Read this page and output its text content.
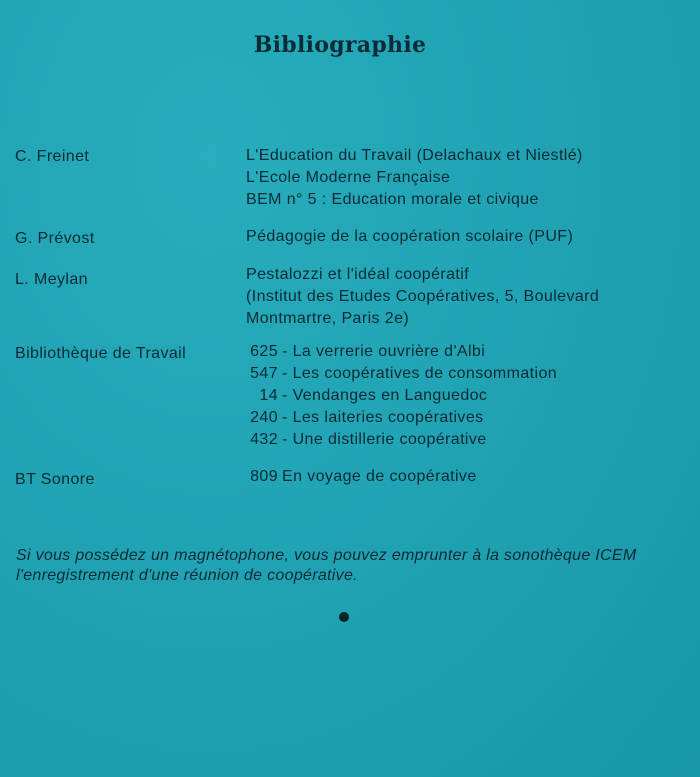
Bibliographie
C. Freinet	L'Education du Travail (Delachaux et Niestlé)
L'Ecole Moderne Française
BEM n° 5 : Education morale et civique
G. Prévost	Pédagogie de la coopération scolaire (PUF)
L. Meylan	Pestalozzi et l'idéal coopératif
(Institut des Etudes Coopératives, 5, Boulevard
Montmartre, Paris 2e)
Bibliothèque de Travail	625 - La verrerie ouvrière d'Albi
547 - Les coopératives de consommation
14 - Vendanges en Languedoc
240 - Les laiteries coopératives
432 - Une distillerie coopérative
BT Sonore	809 En voyage de coopérative
Si vous possédez un magnétophone, vous pouvez emprunter à la sonothèque ICEM l'enregistrement d'une réunion de coopérative.
